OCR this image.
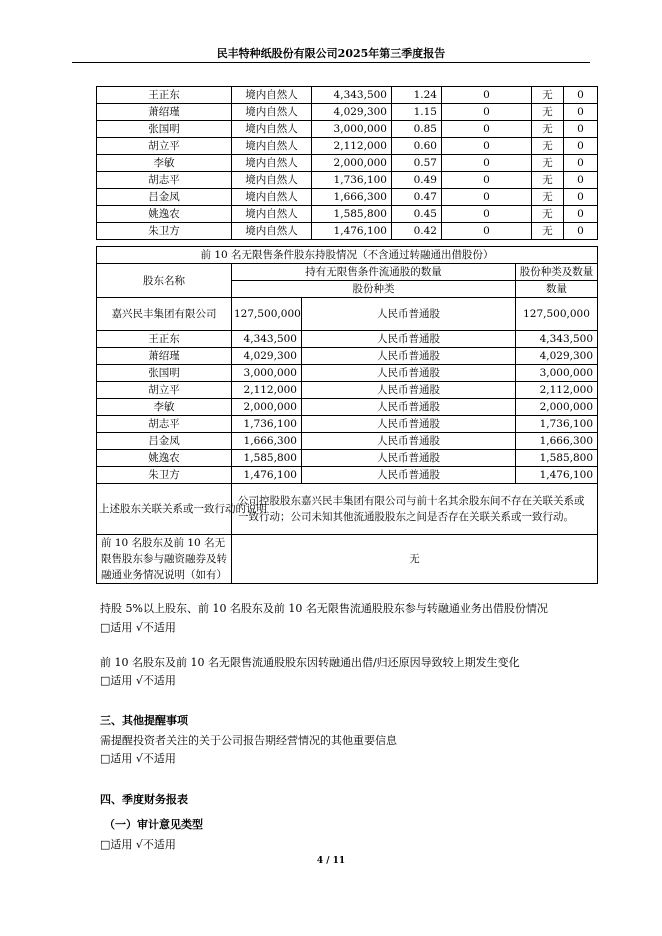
民丰特种纸股份有限公司2025年第三季度报告
王正东	境内自然人	4,343,500	1.24	0	无	0
萧绍瑾	境内自然人	4,029,300	1.15	0	无	0
张国明	境内自然人	3,000,000	0.85	0	无	0
胡立平	境内自然人	2,112,000	0.60	0	无	0
李敏	境内自然人	2,000,000	0.57	0	无	0
胡志平	境内自然人	1,736,100	0.49	0	无	0
吕金凤	境内自然人	1,666,300	0.47	0	无	0
姚逸农	境内自然人	1,585,800	0.45	0	无	0
朱卫方	境内自然人	1,476,100	0.42	0	无	0
前 10 名无限售条件股东持股情况（不含通过转融通出借股份）			
股东名称	持有无限售条件流通股的数量		股份种类及数量
	股份种类		数量
嘉兴民丰集团有限公司	127,500,000	人民币普通股	127,500,000
王正东	4,343,500	人民币普通股	4,343,500
萧绍瑾	4,029,300	人民币普通股	4,029,300
张国明	3,000,000	人民币普通股	3,000,000
胡立平	2,112,000	人民币普通股	2,112,000
李敏	2,000,000	人民币普通股	2,000,000
胡志平	1,736,100	人民币普通股	1,736,100
吕金凤	1,666,300	人民币普通股	1,666,300
姚逸农	1,585,800	人民币普通股	1,585,800
朱卫方	1,476,100	人民币普通股	1,476,100
上述股东关联关系或一致行动的说明	公司控股股东嘉兴民丰集团有限公司与前十名其余股东间不存在关联关系或一致行动；公司未知其他流通股股东之间是否存在关联关系或一致行动。		
前 10 名股东及前 10 名无限售股东参与融资融券及转融通业务情况说明（如有）	无		
持股 5%以上股东、前 10 名股东及前 10 名无限售流通股股东参与转融通业务出借股份情况
□适用 √不适用
前 10 名股东及前 10 名无限售流通股股东因转融通出借/归还原因导致较上期发生变化
□适用 √不适用
三、其他提醒事项
需提醒投资者关注的关于公司报告期经营情况的其他重要信息
□适用 √不适用
四、季度财务报表
（一）审计意见类型
□适用 √不适用
4 / 11
